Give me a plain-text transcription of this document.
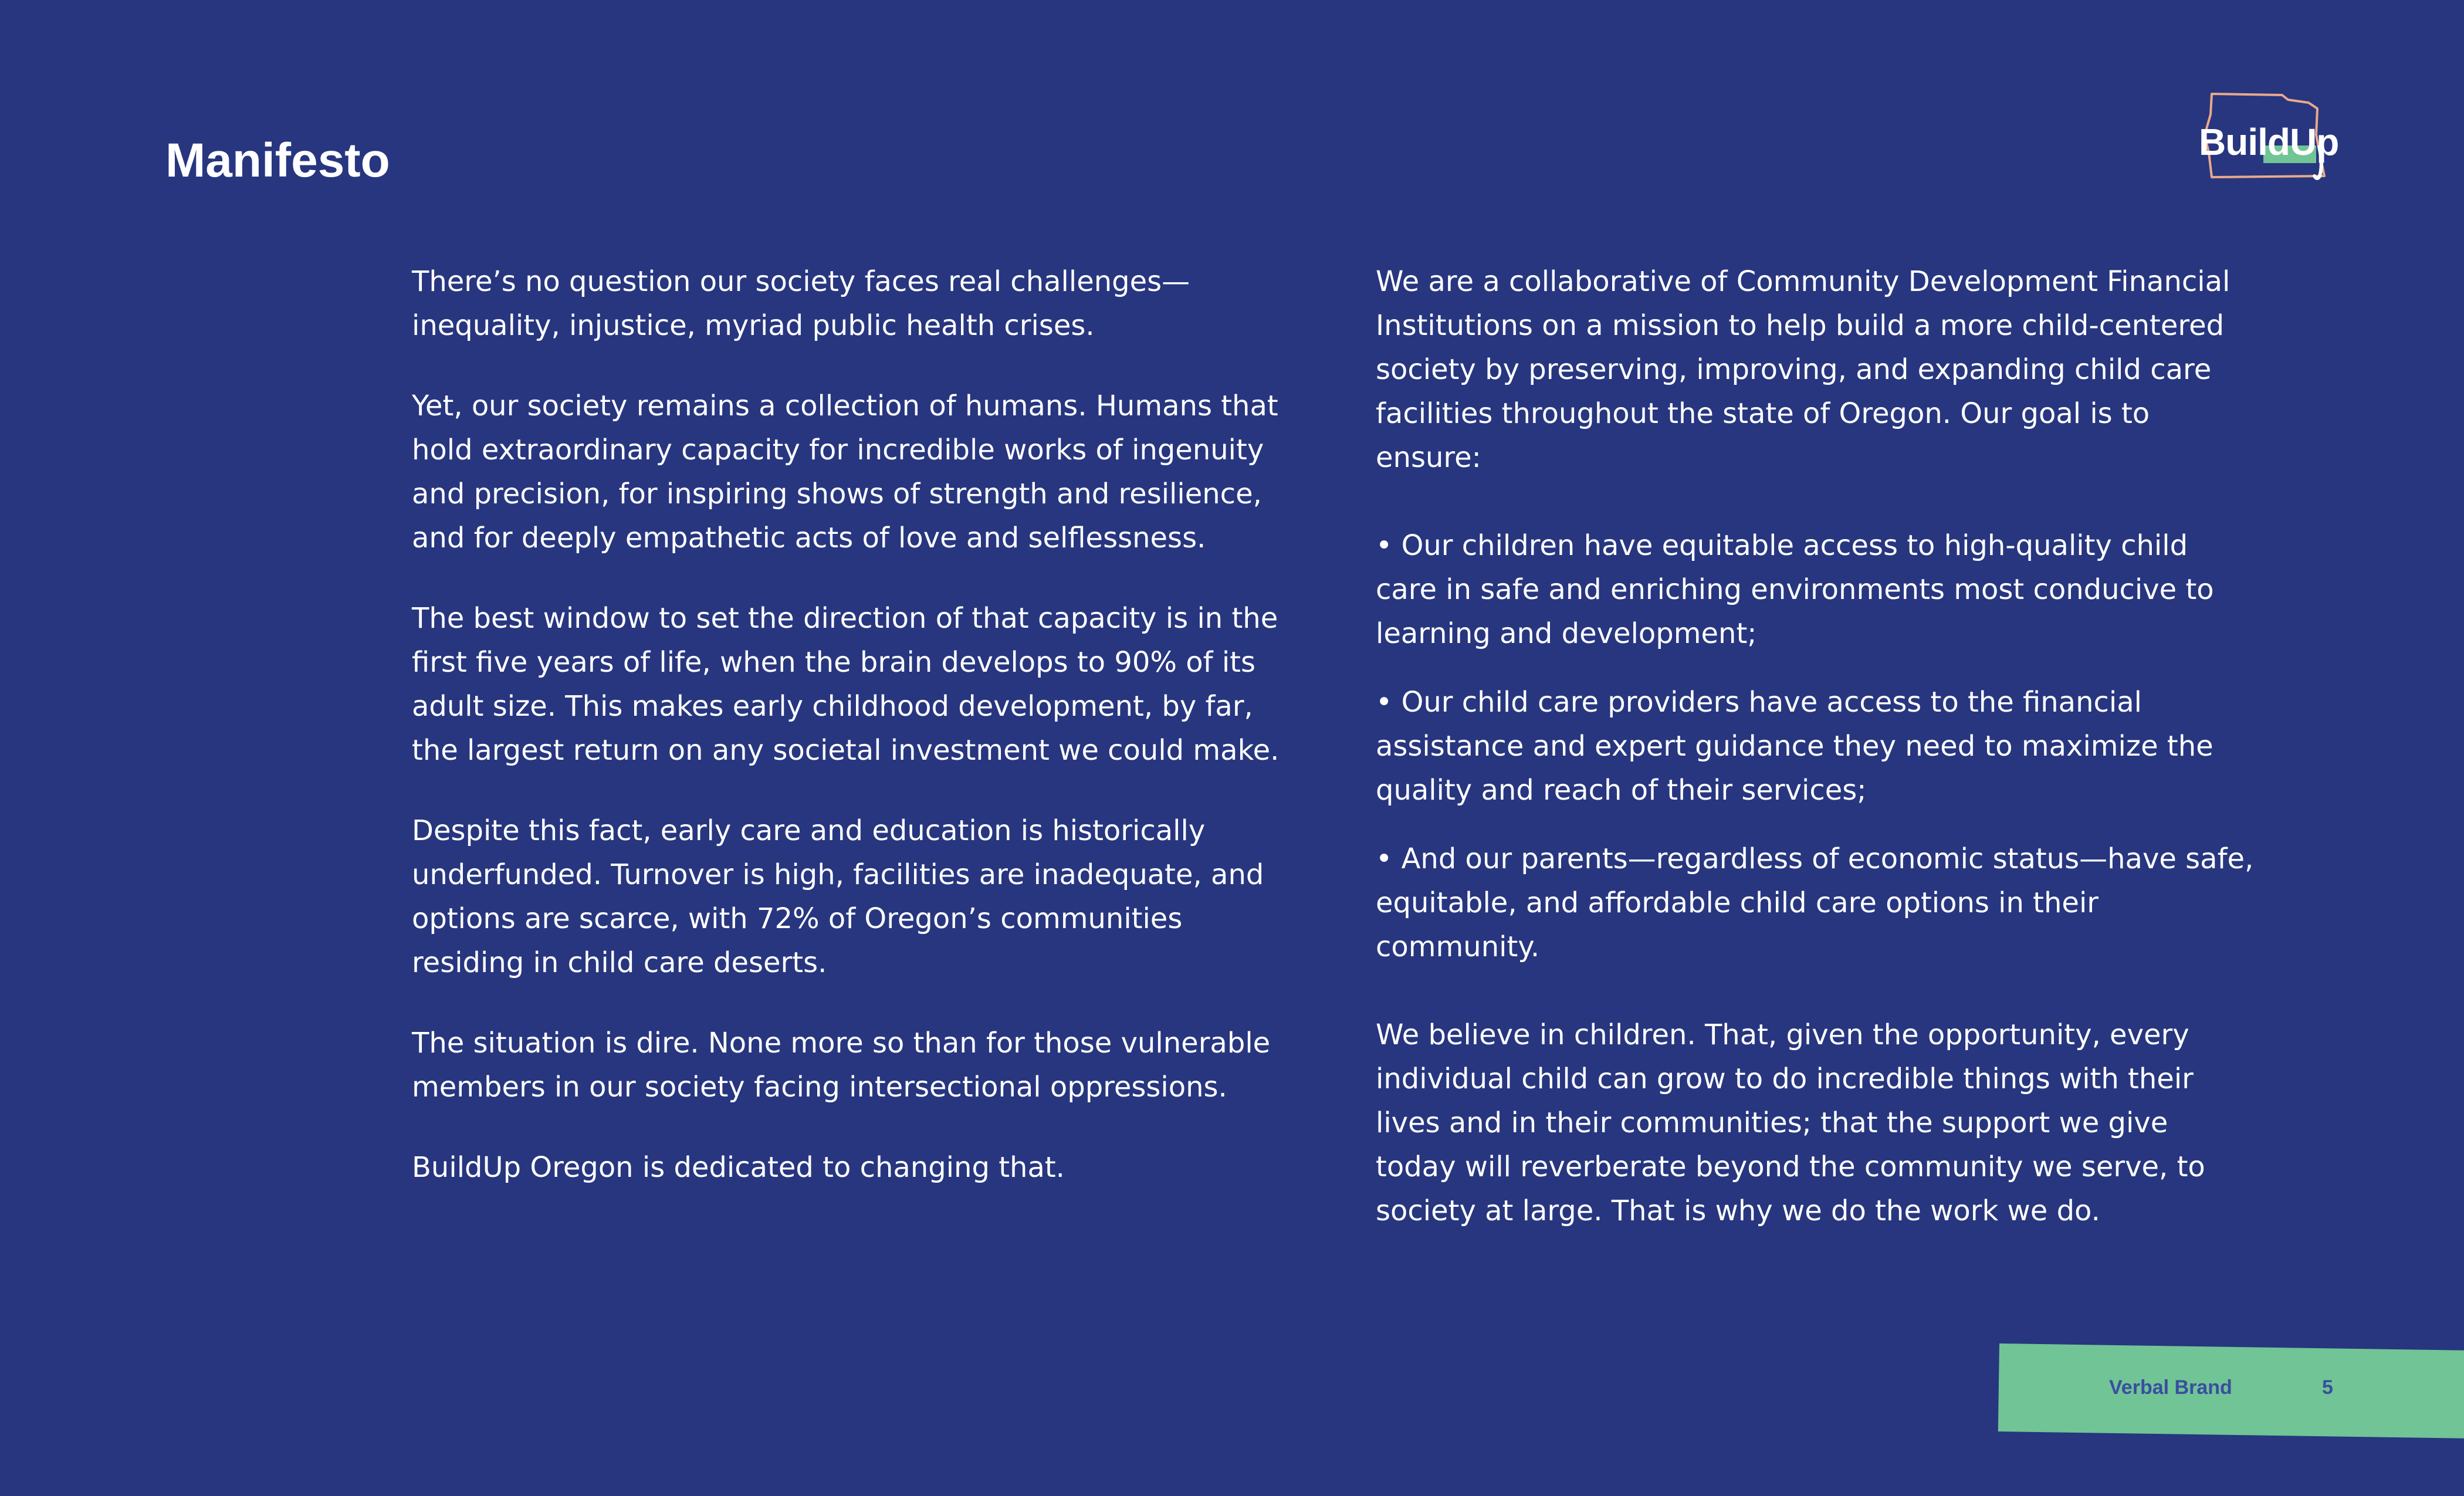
Manifesto	BuildUp

There’s no question our society faces real challenges—inequality, injustice, myriad public health crises.

Yet, our society remains a collection of humans. Humans that hold extraordinary capacity for incredible works of ingenuity and precision, for inspiring shows of strength and resilience, and for deeply empathetic acts of love and selflessness.

The best window to set the direction of that capacity is in the first five years of life, when the brain develops to 90% of its adult size. This makes early childhood development, by far, the largest return on any societal investment we could make.

Despite this fact, early care and education is historically underfunded. Turnover is high, facilities are inadequate, and options are scarce, with 72% of Oregon’s communities residing in child care deserts.

The situation is dire. None more so than for those vulnerable members in our society facing intersectional oppressions.

BuildUp Oregon is dedicated to changing that.

We are a collaborative of Community Development Financial Institutions on a mission to help build a more child-centered society by preserving, improving, and expanding child care facilities throughout the state of Oregon. Our goal is to ensure:

• Our children have equitable access to high-quality child care in safe and enriching environments most conducive to learning and development;

• Our child care providers have access to the financial assistance and expert guidance they need to maximize the quality and reach of their services;

• And our parents—regardless of economic status—have safe, equitable, and affordable child care options in their community.

We believe in children. That, given the opportunity, every individual child can grow to do incredible things with their lives and in their communities; that the support we give today will reverberate beyond the community we serve, to society at large. That is why we do the work we do.

Verbal Brand	5
